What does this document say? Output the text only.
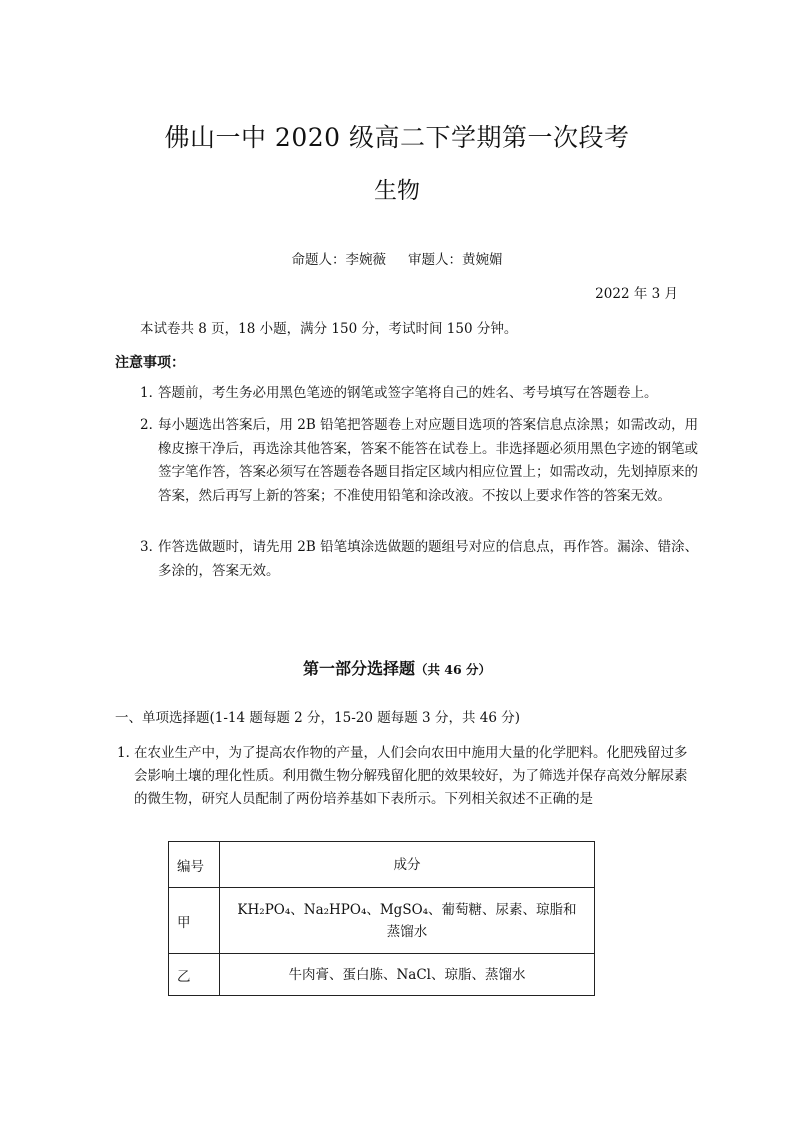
佛山一中 2020 级高二下学期第一次段考
生物
命题人：李婉薇 审题人：黄婉媚
2022 年 3 月
本试卷共 8 页，18 小题，满分 150 分，考试时间 150 分钟。
注意事项：
1．
答题前，考生务必用黑色笔迹的钢笔或签字笔将自己的姓名、考号填写在答题卷上。
2．
每小题选出答案后，用 2B 铅笔把答题卷上对应题目选项的答案信息点涂黑；如需改动，用橡皮擦干净后，再选涂其他答案，答案不能答在试卷上。非选择题必须用黑色字迹的钢笔或签字笔作答，答案必须写在答题卷各题目指定区域内相应位置上；如需改动，先划掉原来的答案，然后再写上新的答案；不准使用铅笔和涂改液。不按以上要求作答的答案无效。
3．
作答选做题时，请先用 2B 铅笔填涂选做题的题组号对应的信息点，再作答。漏涂、错涂、多涂的，答案无效。
第一部分选择题（共 46 分）
一、单项选择题(1-14 题每题 2 分，15-20 题每题 3 分，共 46 分)
1．
在农业生产中，为了提高农作物的产量，人们会向农田中施用大量的化学肥料。化肥残留过多会影响土壤的理化性质。利用微生物分解残留化肥的效果较好，为了筛选并保存高效分解尿素的微生物，研究人员配制了两份培养基如下表所示。下列相关叙述不正确的是
编号	成分
甲	KH₂PO₄、Na₂HPO₄、MgSO₄、葡萄糖、尿素、琼脂和蒸馏水
乙	牛肉膏、蛋白胨、NaCl、琼脂、蒸馏水
